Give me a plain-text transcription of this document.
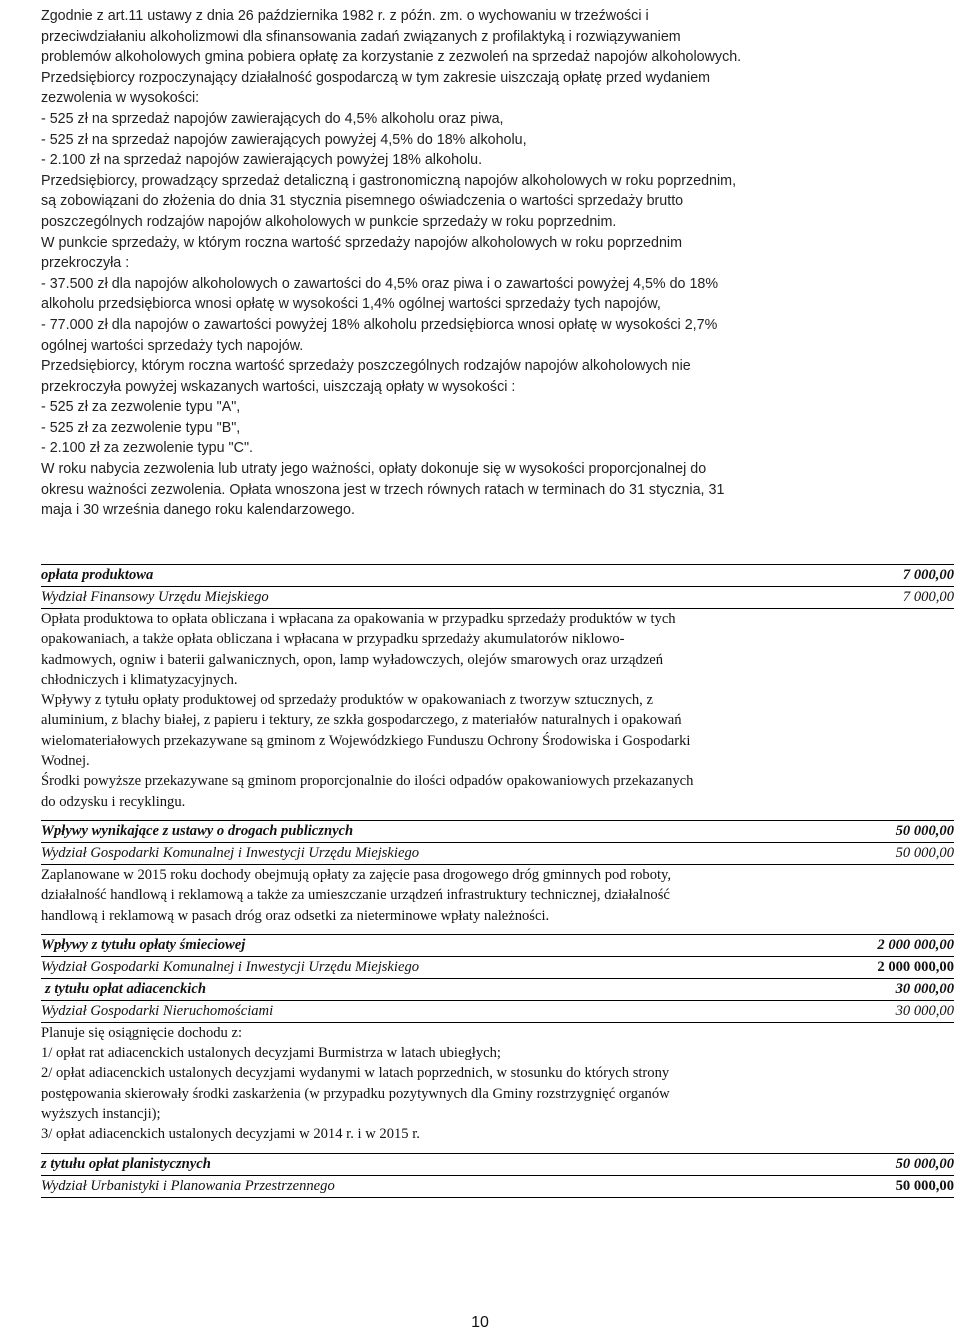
Zgodnie z art.11 ustawy z dnia 26 października 1982 r. z późn. zm. o wychowaniu w trzeźwości i

przeciwdziałaniu alkoholizmowi dla sfinansowania zadań związanych z profilaktyką i rozwiązywaniem

problemów alkoholowych gmina pobiera opłatę za korzystanie z zezwoleń na sprzedaż napojów alkoholowych.

Przedsiębiorcy rozpoczynający działalność gospodarczą w tym zakresie uiszczają opłatę przed wydaniem

zezwolenia w wysokości:

- 525 zł na sprzedaż napojów zawierających do 4,5% alkoholu oraz piwa,

- 525 zł na sprzedaż napojów zawierających powyżej 4,5% do 18% alkoholu,

- 2.100 zł na sprzedaż napojów zawierających powyżej 18% alkoholu.

Przedsiębiorcy, prowadzący sprzedaż detaliczną i gastronomiczną napojów alkoholowych w roku poprzednim,

są zobowiązani do złożenia do dnia 31 stycznia pisemnego oświadczenia o wartości sprzedaży brutto

poszczególnych rodzajów napojów alkoholowych w punkcie sprzedaży w roku poprzednim.

W punkcie sprzedaży, w którym roczna wartość sprzedaży napojów alkoholowych w roku poprzednim

przekroczyła :

- 37.500 zł dla napojów alkoholowych o zawartości do 4,5% oraz piwa i o zawartości powyżej 4,5% do 18%

alkoholu przedsiębiorca wnosi opłatę w wysokości 1,4% ogólnej wartości sprzedaży tych napojów,

- 77.000 zł dla napojów o zawartości powyżej 18% alkoholu przedsiębiorca wnosi opłatę w wysokości 2,7%

ogólnej wartości sprzedaży tych napojów.

Przedsiębiorcy, którym roczna wartość sprzedaży poszczególnych rodzajów napojów alkoholowych nie

przekroczyła powyżej wskazanych wartości, uiszczają opłaty w wysokości :

- 525 zł za zezwolenie typu "A",

- 525 zł za zezwolenie typu "B",

- 2.100 zł za zezwolenie typu "C".

W roku nabycia zezwolenia lub utraty jego ważności, opłaty dokonuje się w wysokości proporcjonalnej do

okresu ważności zezwolenia. Opłata wnoszona jest w trzech równych ratach w terminach do 31 stycznia, 31

maja i 30 września danego roku kalendarzowego.

opłata produktowa	7 000,00
Wydział Finansowy Urzędu Miejskiego	7 000,00

Opłata produktowa to opłata obliczana i wpłacana za opakowania w przypadku sprzedaży produktów w tych

opakowaniach, a także opłata obliczana i wpłacana w przypadku sprzedaży akumulatorów niklowo-

kadmowych, ogniw i baterii galwanicznych, opon, lamp wyładowczych, olejów smarowych oraz urządzeń

chłodniczych i klimatyzacyjnych.

Wpływy z tytułu opłaty produktowej od sprzedaży produktów w opakowaniach z tworzyw sztucznych, z

aluminium, z blachy białej, z papieru i tektury, ze szkła gospodarczego, z materiałów naturalnych i opakowań

wielomateriałowych przekazywane są gminom z Wojewódzkiego Funduszu Ochrony Środowiska i Gospodarki

Wodnej.

Środki powyższe przekazywane są gminom proporcjonalnie do ilości odpadów opakowaniowych przekazanych

do odzysku i recyklingu.

Wpływy wynikające z ustawy o drogach publicznych	50 000,00
Wydział Gospodarki Komunalnej i Inwestycji Urzędu Miejskiego	50 000,00

Zaplanowane w 2015 roku dochody obejmują opłaty za zajęcie pasa drogowego dróg gminnych pod roboty,

działalność handlową i reklamową a także za umieszczanie urządzeń infrastruktury technicznej, działalność

handlową i reklamową w pasach dróg oraz odsetki za nieterminowe wpłaty należności.

Wpływy z tytułu opłaty śmieciowej	2 000 000,00
Wydział Gospodarki Komunalnej i Inwestycji Urzędu Miejskiego	2 000 000,00
z tytułu opłat adiacenckich	30 000,00
Wydział Gospodarki Nieruchomościami	30 000,00

Planuje się osiągnięcie dochodu z:

1/ opłat rat adiacenckich ustalonych decyzjami Burmistrza w latach ubiegłych;

2/ opłat adiacenckich ustalonych decyzjami wydanymi w latach poprzednich, w stosunku do których strony

postępowania skierowały środki zaskarżenia (w przypadku pozytywnych dla Gminy rozstrzygnięć organów

wyższych instancji);

3/ opłat adiacenckich ustalonych decyzjami w 2014 r. i w 2015 r.

z tytułu opłat planistycznych	50 000,00
Wydział Urbanistyki i Planowania Przestrzennego	50 000,00
10
